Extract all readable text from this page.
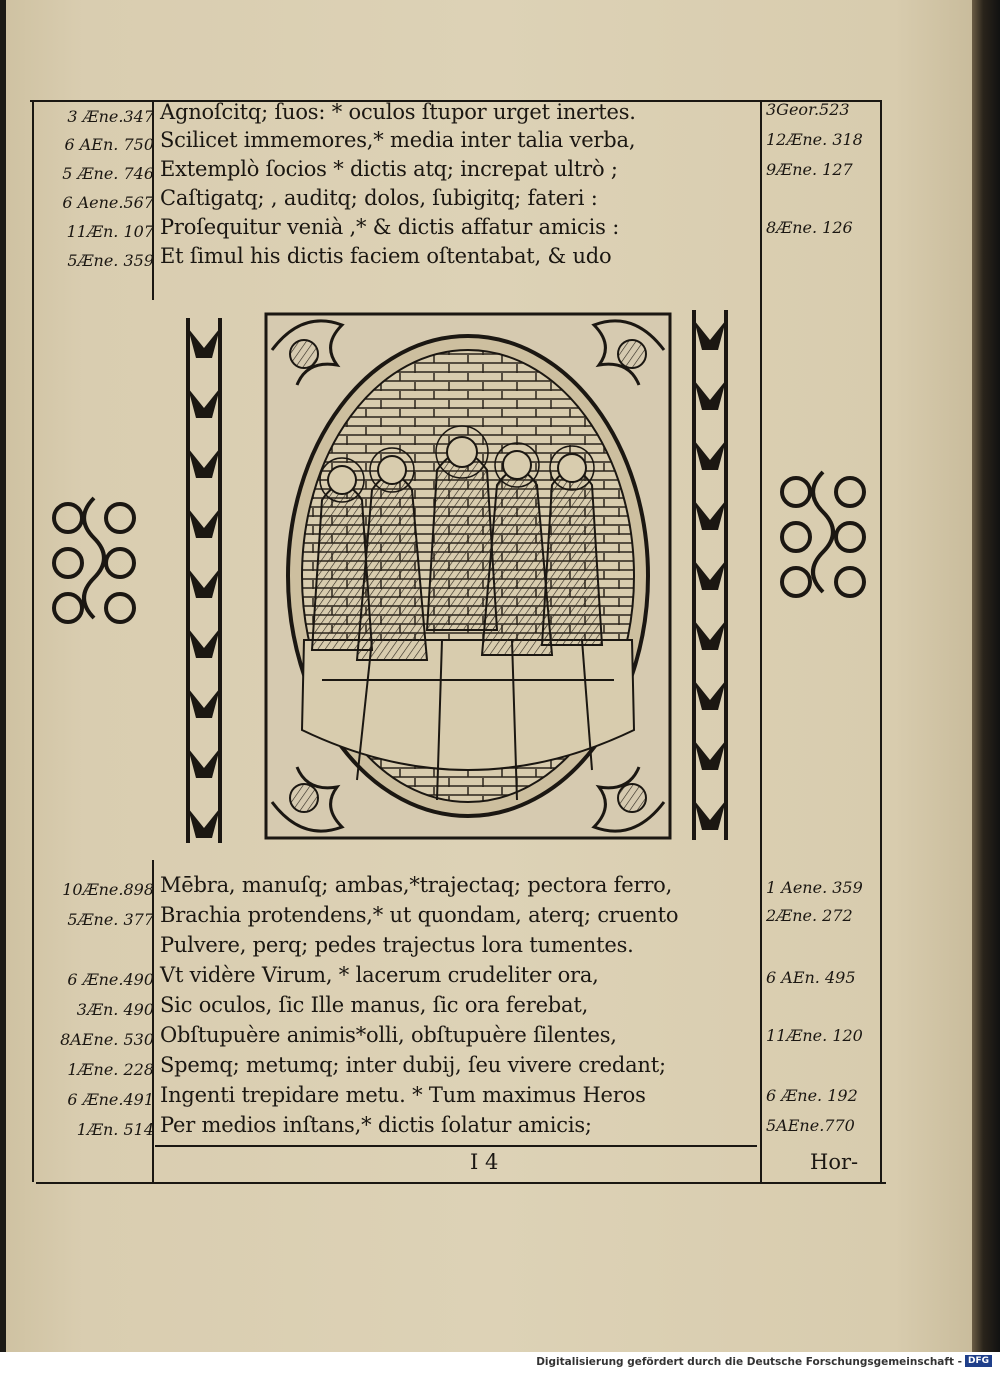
Agnoſcitq; ſuos: * oculos ſtupor urget inertes.
Scilicet immemores,* media inter talia verba,
Extemplò ſocios * dictis atq; increpat ultrò ;
Caſtigatq; , auditq; dolos, ſubigitq; fateri :
Proſequitur venià ,* & dictis affatur amicis :
Et ſimul his dictis faciem oſtentabat, & udo
3 Æne.347
6 AEn. 750
5 Æne. 746
6 Aene.567
11Æn. 107
5Æne. 359
3Geor.523
12Æne. 318
9Æne. 127
8Æne. 126
Mēbra, manuſq; ambas,*trajectaq; pectora ferro,
Brachia protendens,* ut quondam, aterq; cruento
Pulvere, perq; pedes trajectus lora tumentes.
Vt vidère Virum, * lacerum crudeliter ora,
Sic oculos, ſic Ille manus, ſic ora ferebat,
Obſtupuère animis*olli, obſtupuère ſilentes,
Spemq; metumq; inter dubij, ſeu vivere credant;
Ingenti trepidare metu. * Tum maximus Heros
Per medios inſtans,* dictis ſolatur amicis;
10Æne.898
5Æne. 377
6 Æne.490
3Æn. 490
8AEne. 530
1Æne. 228
6 Æne.491
1Æn. 514
1 Aene. 359
2Æne. 272
6 AEn. 495
11Æne. 120
6 Æne. 192
5AEne.770
I 4	Hor-
Digitalisierung gefördert durch die Deutsche Forschungsgemeinschaft - DFG
